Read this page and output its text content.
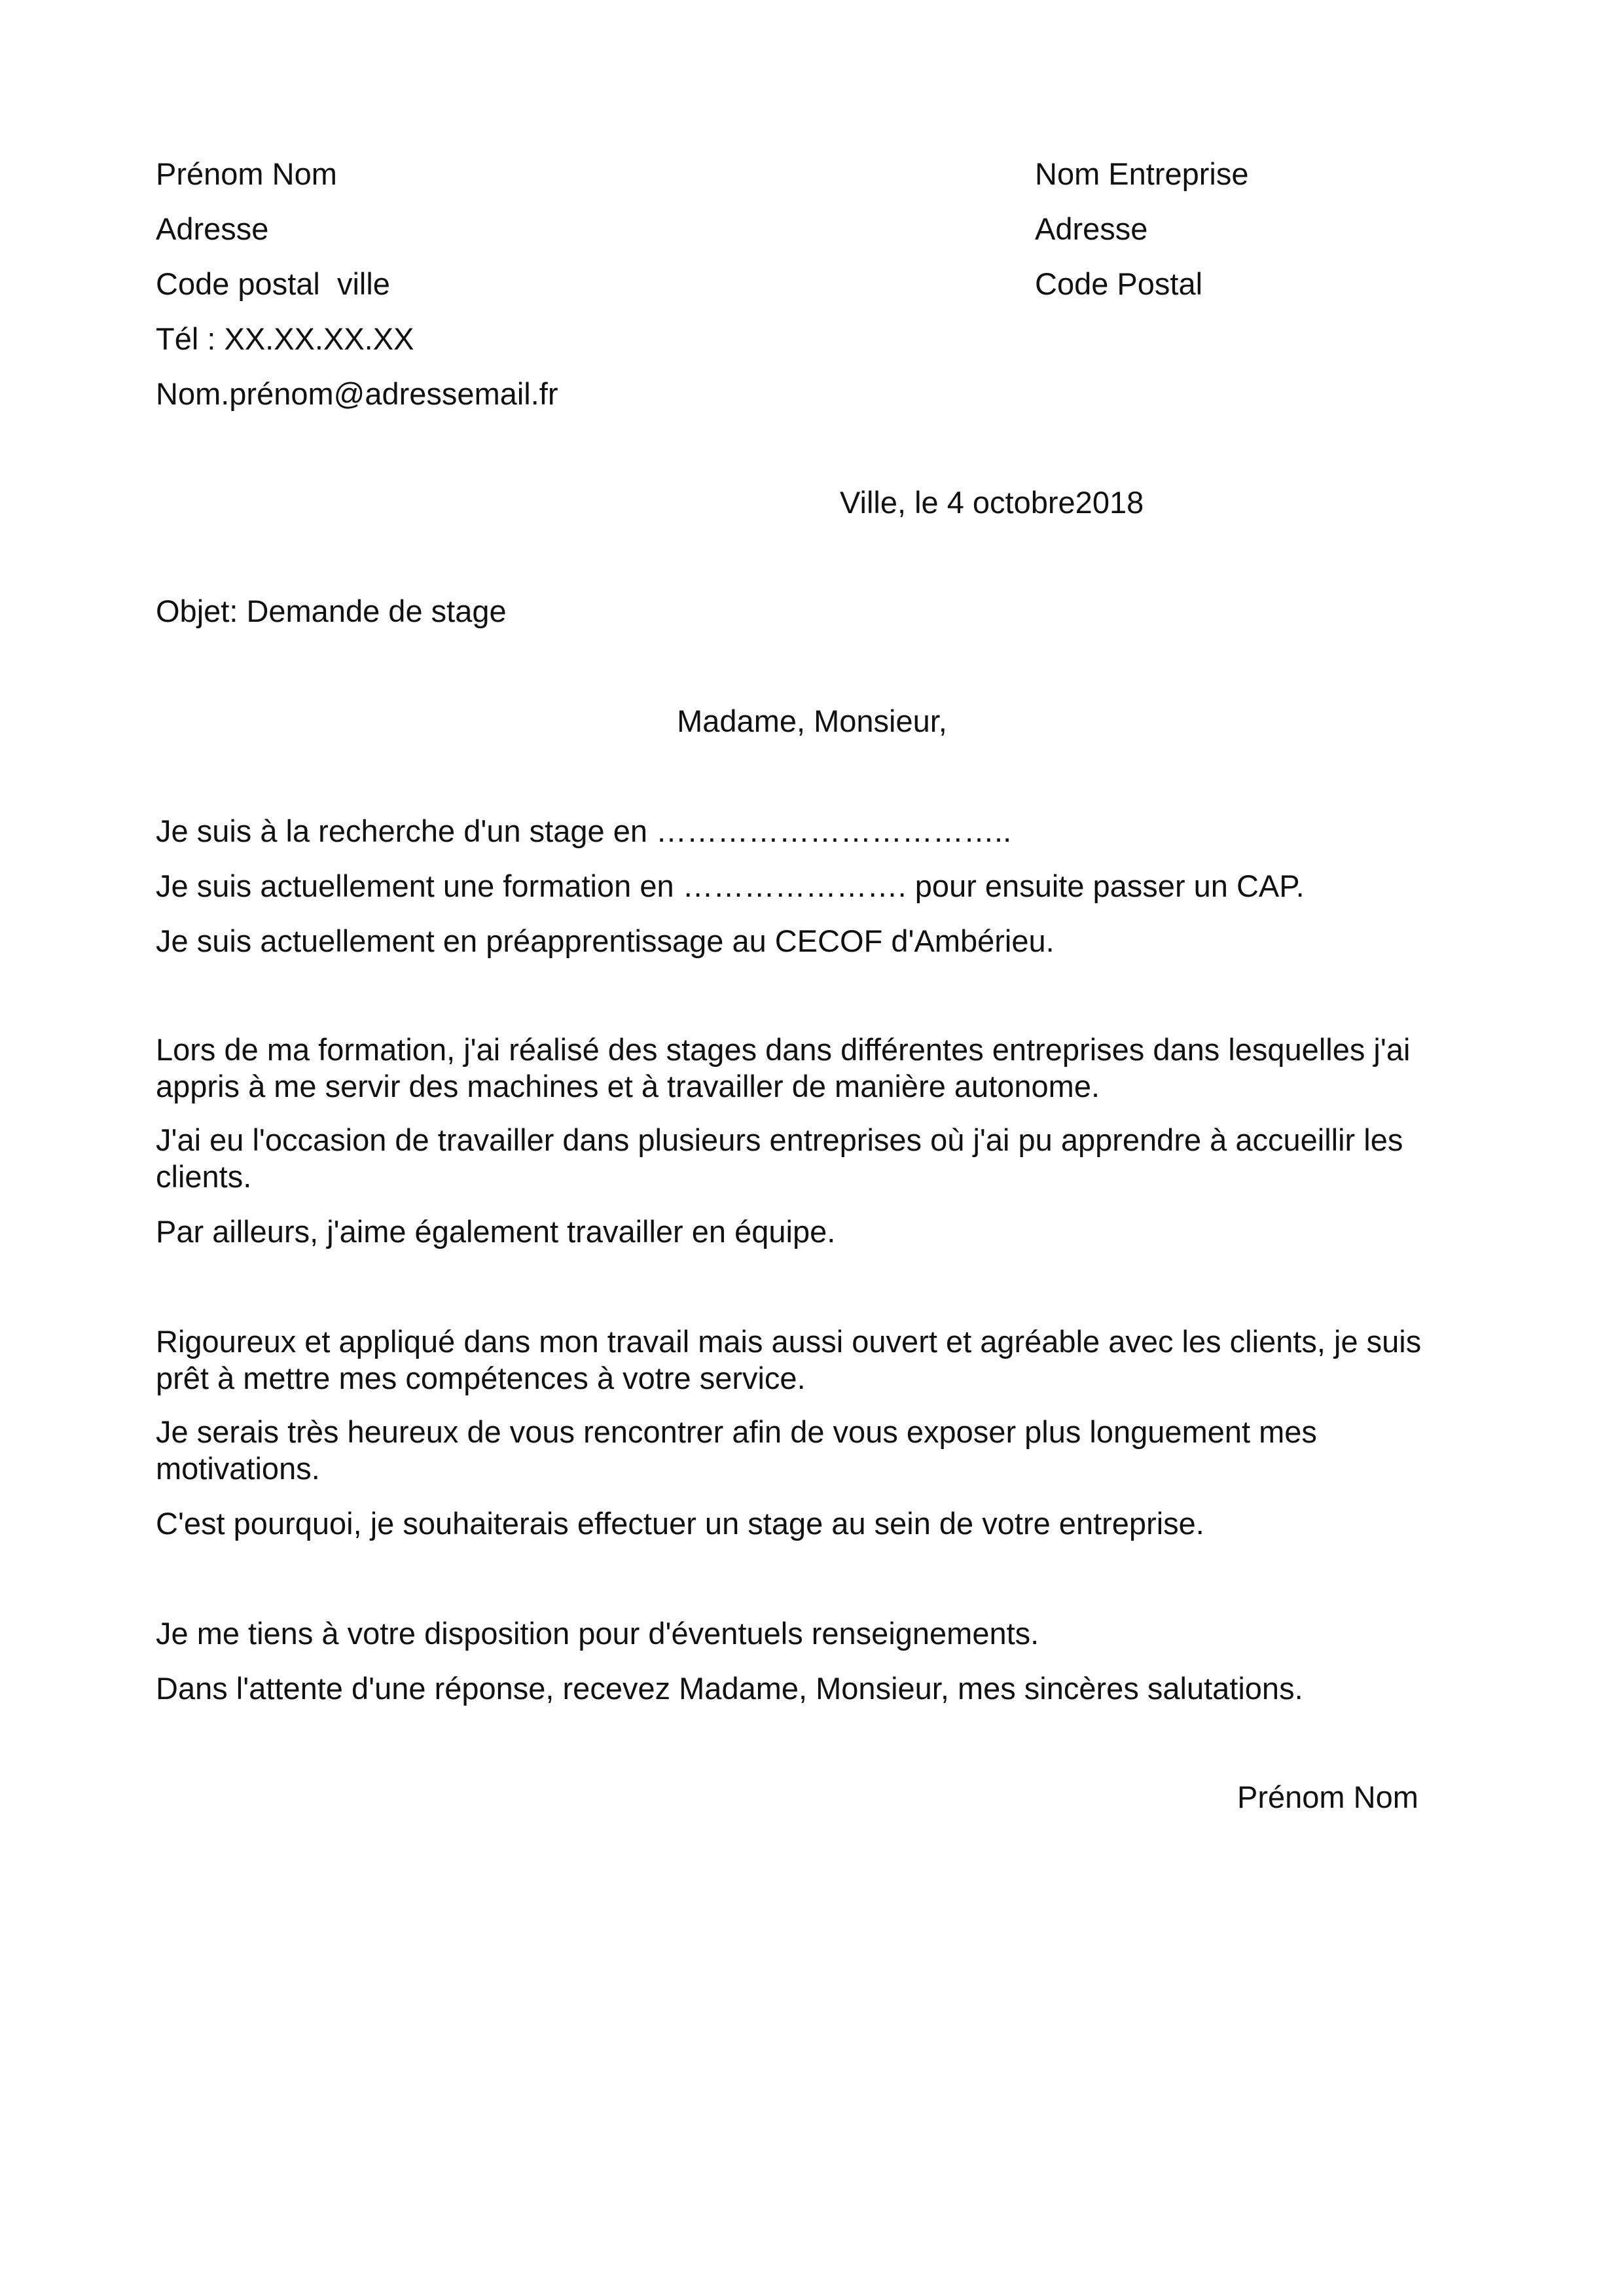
Prénom Nom
Adresse
Code postal  ville
Tél : XX.XX.XX.XX
Nom.prénom@adressemail.fr
Nom Entreprise
Adresse
Code Postal
Ville, le 4 octobre2018
Objet: Demande de stage
Madame, Monsieur,
Je suis à la recherche d'un stage en ……………………………..
Je suis actuellement une formation en …………………. pour ensuite passer un CAP.
Je suis actuellement en préapprentissage au CECOF d'Ambérieu.
Lors de ma formation, j'ai réalisé des stages dans différentes entreprises dans lesquelles j'ai appris à me servir des machines et à travailler de manière autonome.
J'ai eu l'occasion de travailler dans plusieurs entreprises où j'ai pu apprendre à accueillir les clients.
Par ailleurs, j'aime également travailler en équipe.
Rigoureux et appliqué dans mon travail mais aussi ouvert et agréable avec les clients, je suis prêt à mettre mes compétences à votre service.
Je serais très heureux de vous rencontrer afin de vous exposer plus longuement mes motivations.
C'est pourquoi, je souhaiterais effectuer un stage au sein de votre entreprise.
Je me tiens à votre disposition pour d'éventuels renseignements.
Dans l'attente d'une réponse, recevez Madame, Monsieur, mes sincères salutations.
Prénom Nom
